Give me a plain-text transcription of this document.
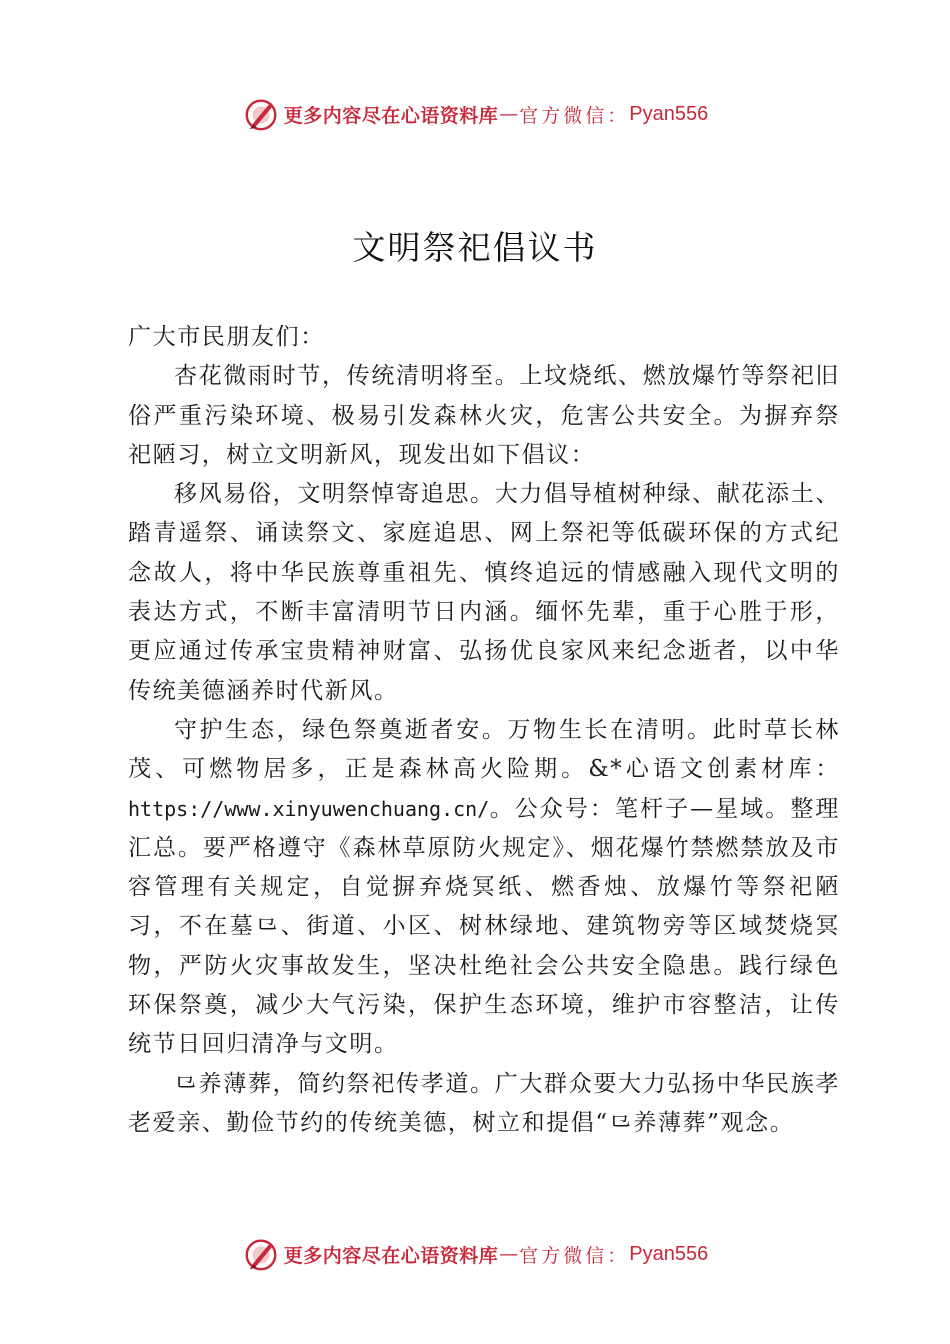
更多内容尽在心语资料库 — 官方微信： Pyan556
文明祭祀倡议书

广大市民朋友们：

杏花微雨时节，传统清明将至。上坟烧纸、燃放爆竹等祭祀旧俗严重污染环境、极易引发森林火灾，危害公共安全。为摒弃祭祀陋习，树立文明新风，现发出如下倡议：

移风易俗，文明祭悼寄追思。大力倡导植树种绿、献花添土、踏青遥祭、诵读祭文、家庭追思、网上祭祀等低碳环保的方式纪念故人，将中华民族尊重祖先、慎终追远的情感融入现代文明的表达方式，不断丰富清明节日内涵。缅怀先辈，重于心胜于形， 更应通过传承宝贵精神财富、弘扬优良家风来纪念逝者，以中华传统美德涵养时代新风。

守护生态，绿色祭奠逝者安。万物生长在清明。此时草长林茂、可燃物居多，正是森林高火险期。&*心语文创素材库：https://www.xinyuwenchuang.cn/。公众号：笔杆子—星域。整理汇总。要严格遵守《森林草原防火规定》、烟花爆竹禁燃禁放及市容管理有关规定，自觉摒弃烧冥纸、燃香烛、放爆竹等祭祀陋习，不在墓⺋、街道、小区、树林绿地、建筑物旁等区域焚烧冥物，严防火灾事故发生，坚决杜绝社会公共安全隐患。践行绿色环保祭奠，减少大气污染，保护生态环境，维护市容整洁，让传统节日回归清净与文明。

⺋养薄葬，简约祭祀传孝道。广大群众要大力弘扬中华民族孝老爱亲、勤俭节约的传统美德，树立和提倡“⺋养薄葬”观念。

更多内容尽在心语资料库 — 官方微信： Pyan556
